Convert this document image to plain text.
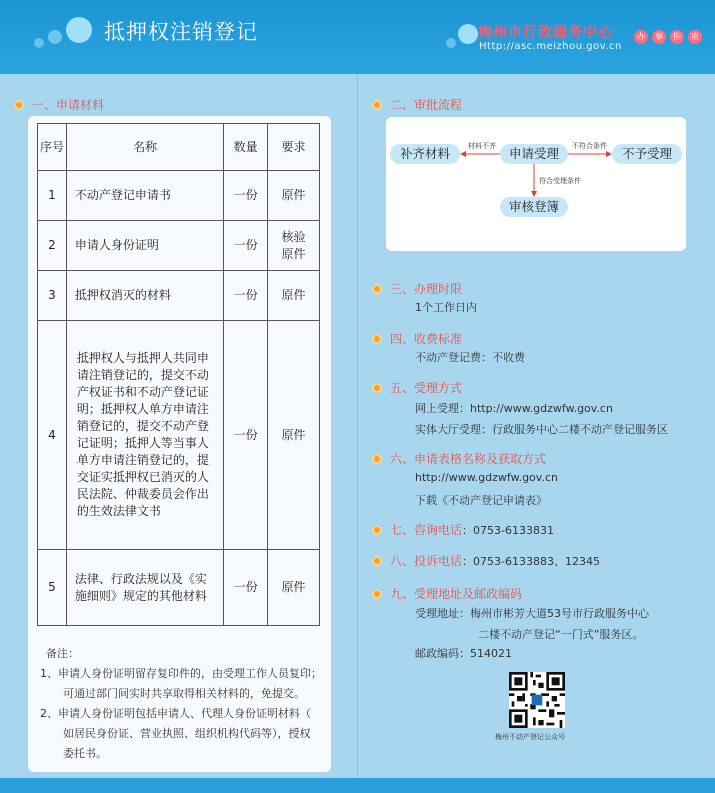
抵押权注销登记	梅州市行政服务中心
Http://asc.meizhou.gov.cn
办	事	指	南
一、申请材料
序号	名称	数量	要求
1	不动产登记申请书	一份	原件
2	申请人身份证明	一份	核验原件
3	抵押权消灭的材料	一份	原件
4	抵押权人与抵押人共同申请注销登记的，提交不动产权证书和不动产登记证明；抵押权人单方申请注销登记的，提交不动产登记证明；抵押人等当事人单方申请注销登记的，提交证实抵押权已消灭的人民法院、仲裁委员会作出的生效法律文书	一份	原件
5	法律、行政法规以及《实施细则》规定的其他材料	一份	原件
备注：
1、申请人身份证明留存复印件的，由受理工作人员复印；
可通过部门间实时共享取得相关材料的，免提交。
2、申请人身份证明包括申请人、代理人身份证明材料（
如居民身份证、营业执照、组织机构代码等），授权
委托书。
二、审批流程
补齐材料	申请受理	不予受理
审核登簿
材料不齐	不符合条件
符合受理条件
三、办理时限
1个工作日内
四、收费标准
不动产登记费：不收费
五、受理方式
网上受理：http://www.gdzwfw.gov.cn
实体大厅受理：行政服务中心二楼不动产登记服务区
六、申请表格名称及获取方式
http://www.gdzwfw.gov.cn
下载《不动产登记申请表》
七、咨询电话 ：0753-6133831
八、投诉电话 ：0753-6133883、12345
九、受理地址及邮政编码
受理地址：梅州市彬芳大道53号市行政服务中心
二楼不动产登记“一门式”服务区。
邮政编码：514021
梅州不动产登记公众号
